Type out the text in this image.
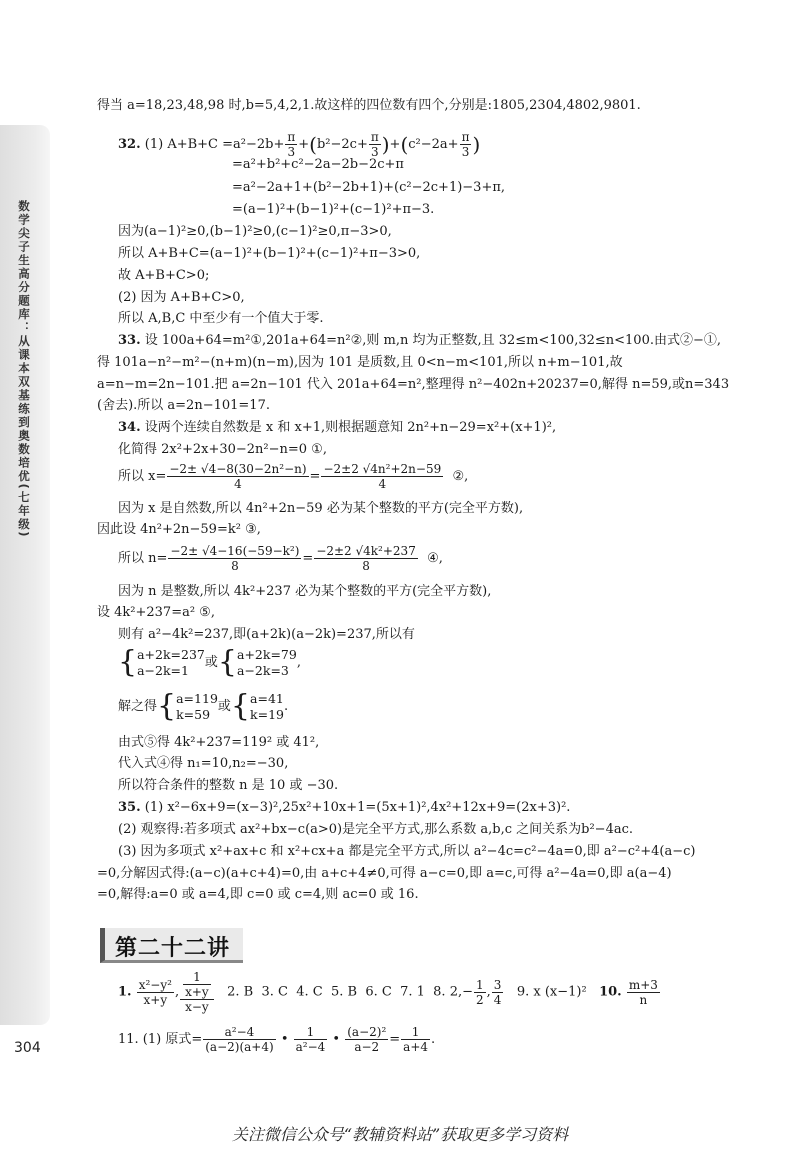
数学尖子生高分题库：从课本双基练到奥数培优(七年级)
304
得当 a=18,23,48,98 时,b=5,4,2,1.故这样的四位数有四个,分别是:1805,2304,4802,9801.
32. (1) $A+B+C =a^2-2b+ \frac{\pi}{3} +(b^2-2c+ \frac{\pi}{3} )+(c^2-2a+ \frac{\pi}{3}$ )
=a²+b²+c²−2a−2b−2c+π
=a²−2a+1+(b²−2b+1)+(c²−2c+1)−3+π,
=(a−1)²+(b−1)²+(c−1)²+π−3.
因为(a−1)²≥0,(b−1)²≥0,(c−1)²≥0,π−3>0,
所以 A+B+C=(a−1)²+(b−1)²+(c−1)²+π−3>0,
故 A+B+C>0;
(2) 因为 A+B+C>0,
所以 A,B,C 中至少有一个值大于零.
33. 设 100a+64=m²①,201a+64=n²②,则 m,n 均为正整数,且 32≤m<100,32≤n<100.由式②−①,
得 101a−n²−m²−(n+m)(n−m),因为 101 是质数,且 0<n−m<101,所以 n+m−101,故
a=n−m=2n−101.把 a=2n−101 代入 201a+64=n²,整理得 n²−402n+20237=0,解得 n=59,或n=343
(舍去).所以 a=2n−101=17.
34. 设两个连续自然数是 x 和 x+1,则根据题意知 2n²+n−29=x²+(x+1)²,
化简得 2x²+2x+30−2n²−n=0 ①,
所以 $x= \frac{\text{−2± √4−8(30−2n²−n)}}{4} = \frac{\text{−2±2 √4n²+2n−59}}{4}$ ②,
因为 x 是自然数,所以 4n²+2n−59 必为某个整数的平方(完全平方数),
因此设 4n²+2n−59=k² ③,
所以 $n= \frac{\text{−2± √4−16(−59−k²)}}{8} = \frac{\text{−2±2 √4k²+237}}{8}$ ④,
因为 n 是整数,所以 4k²+237 必为某个整数的平方(完全平方数),
设 4k²+237=a² ⑤,
则有 a²−4k²=237,即(a+2k)(a−2k)=237,所以有
{a+2k=237
a−2k=1 或{a+2k=79
a−2k=3 ,
解之得{a=119
k=59 或{a=41
k=19.
由式⑤得 4k²+237=119² 或 41²,
代入式④得 n₁=10,n₂=−30,
所以符合条件的整数 n 是 10 或 −30.
35. (1) x²−6x+9=(x−3)²,25x²+10x+1=(5x+1)²,4x²+12x+9=(2x+3)².
(2) 观察得:若多项式 ax²+bx−c(a>0)是完全平方式,那么系数 a,b,c 之间关系为b²−4ac.
(3) 因为多项式 x²+ax+c 和 x²+cx+a 都是完全平方式,所以 a²−4c=c²−4a=0,即 a²−c²+4(a−c)
=0,分解因式得:(a−c)(a+c+4)=0,由 a+c+4≠0,可得 a−c=0,即 a=c,可得 a²−4a=0,即 a(a−4)
=0,解得:a=0 或 a=4,即 c=0 或 c=4,则 ac=0 或 16.
第二十二讲
1. $\frac{\text{x²−y²}}{x+y}$ , $\frac{\frac{1}{x+y}}{x-y} 2$. B 3. C 4. C 5. B 6. C 7. 1 8. $2,- \frac{1}{2}$ , $\frac{3}{4} 9$. x (x−1)² 10. $\frac{m+3}{n}$
11. (1) 原式= $\frac{\text{a²−4}}{(a-2)(a+4)}$ • $\frac{1}{\text{a²−4}}$ • $\frac{\text{(a−2)²}}{a-2} = \frac{1}{a+4}$ .
关注微信公众号“教辅资料站”获取更多学习资料
